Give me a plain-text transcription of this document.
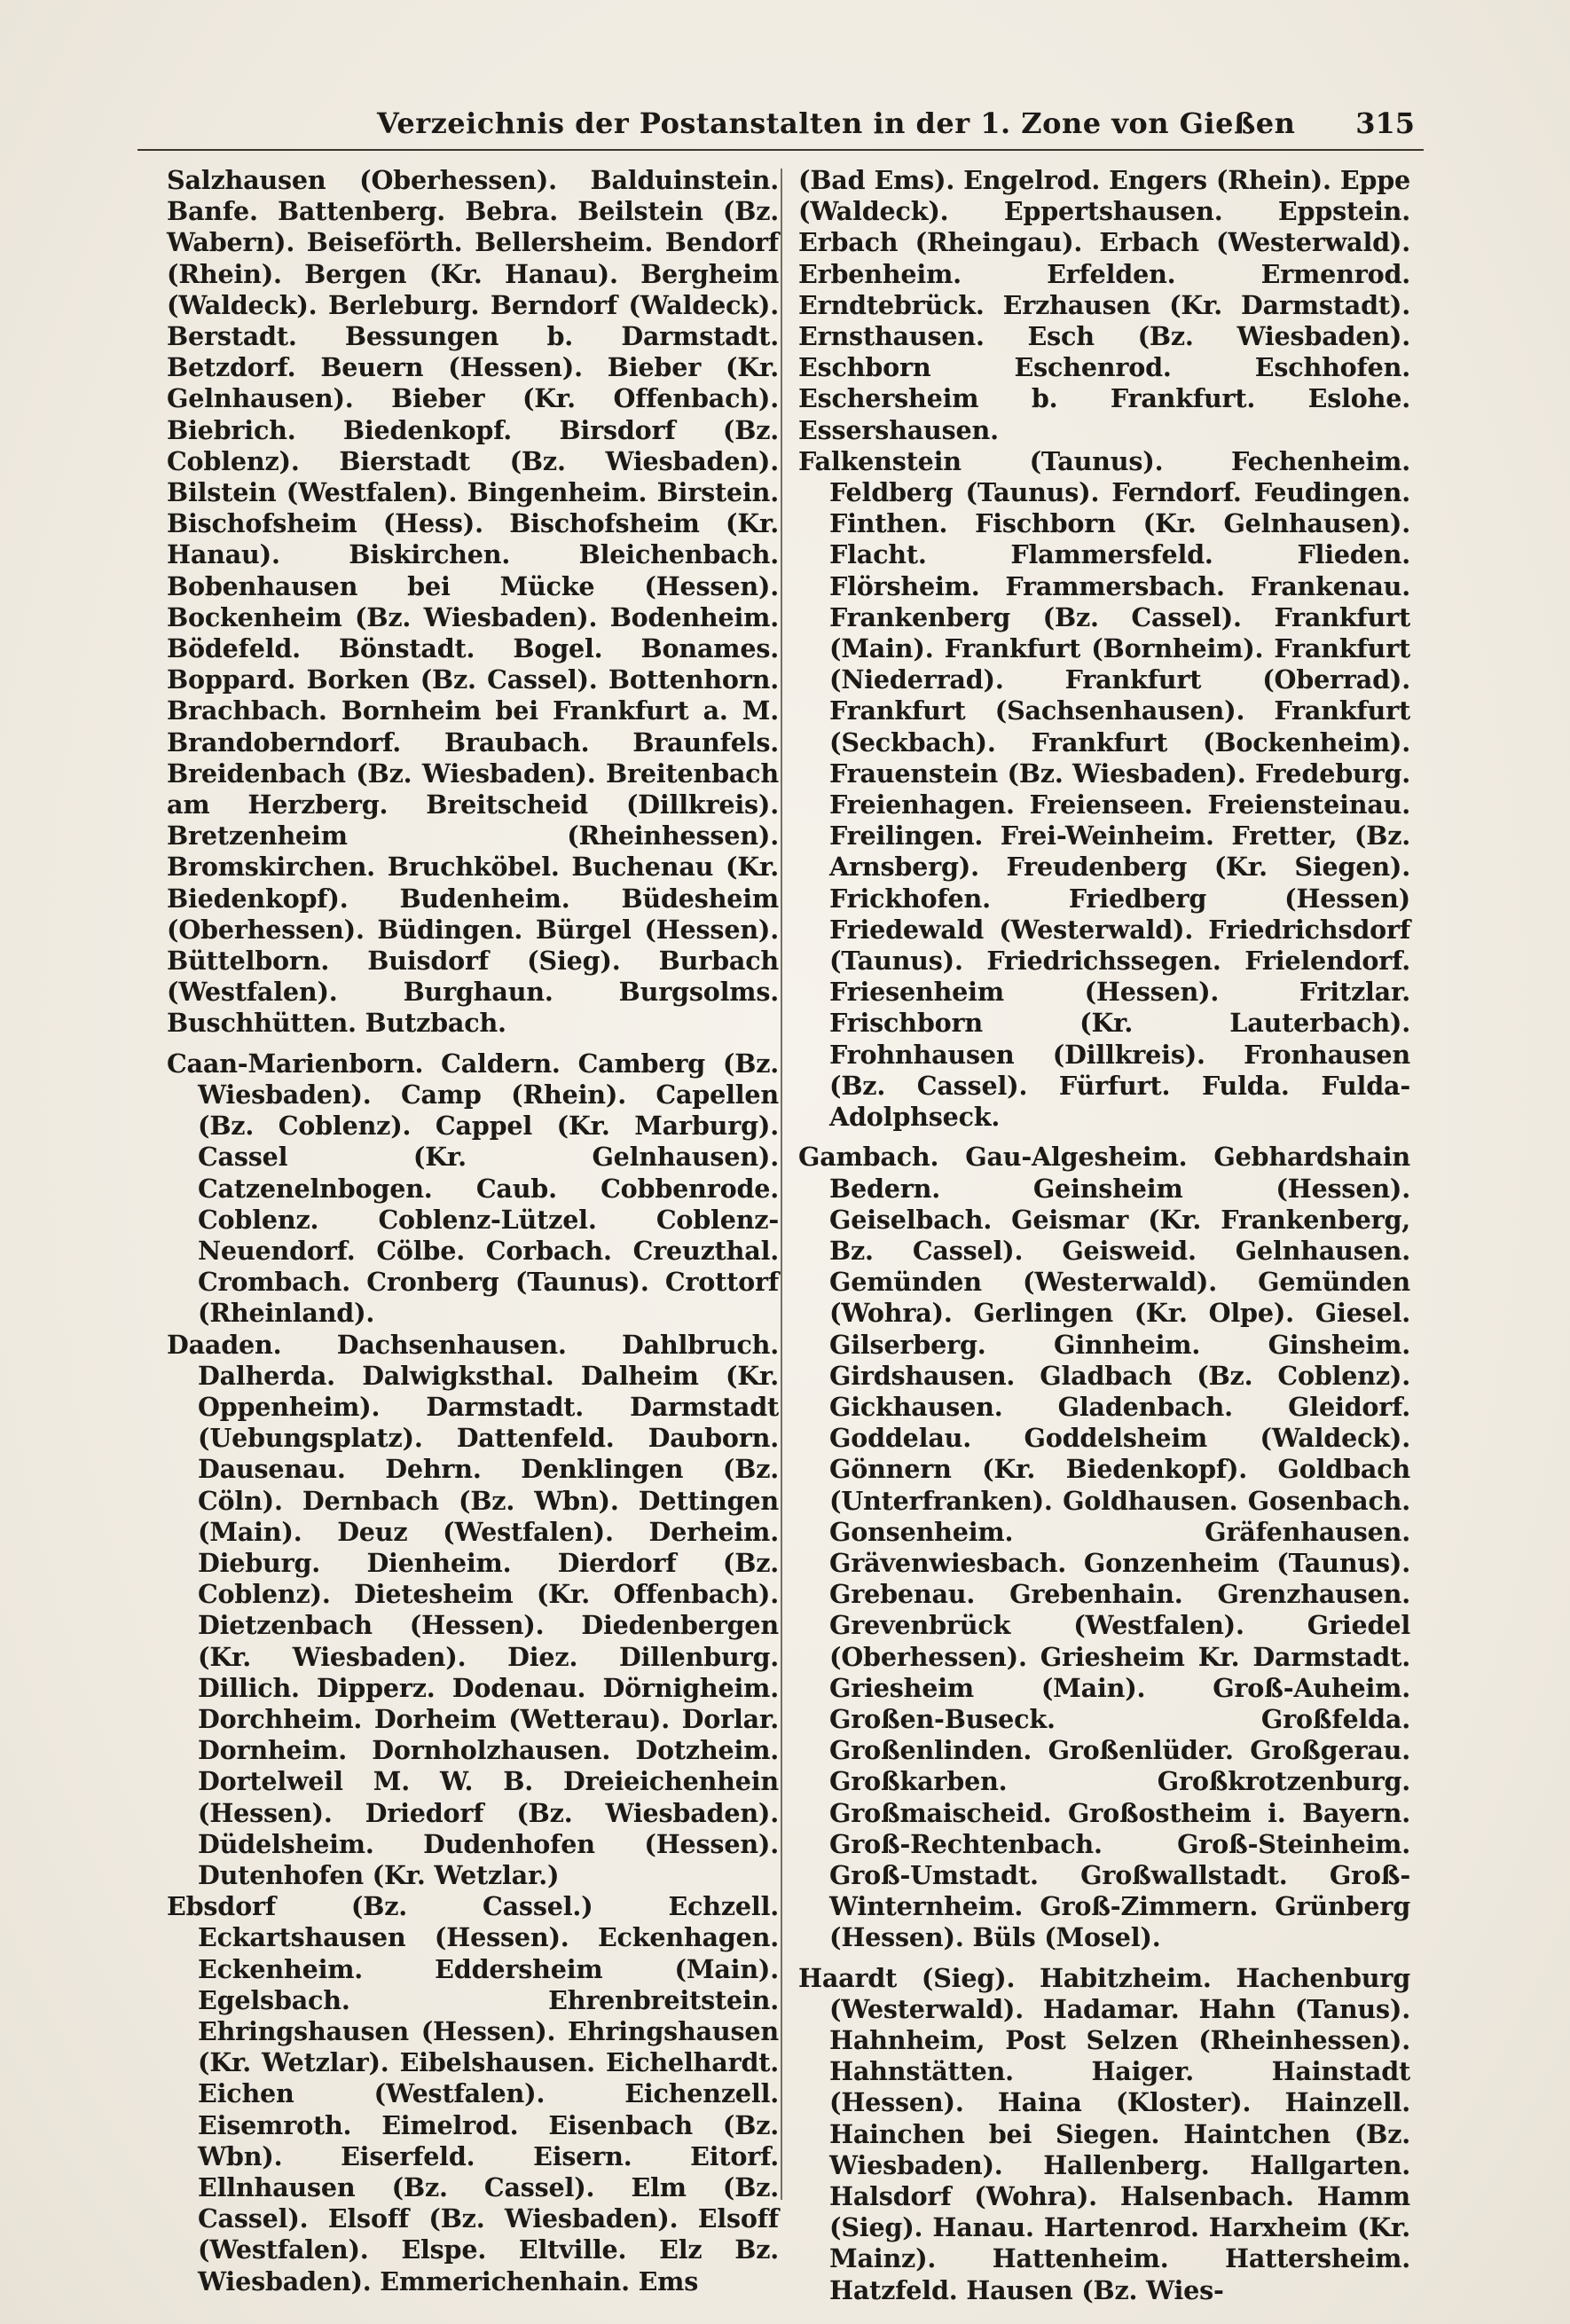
Verzeichnis der Postanstalten in der 1. Zone von Gießen 315

Salzhausen (Oberhessen). Balduinstein. Banfe. Battenberg. Bebra. Beilstein (Bz. Wabern). Beiseförth. Bellersheim. Bendorf (Rhein). Bergen (Kr. Hanau). Bergheim (Waldeck). Berleburg. Berndorf (Waldeck). Berstadt. Bessungen b. Darmstadt. Betzdorf. Beuern (Hessen). Bieber (Kr. Gelnhausen). Bieber (Kr. Offenbach). Biebrich. Biedenkopf. Birsdorf (Bz. Coblenz). Bierstadt (Bz. Wiesbaden). Bilstein (Westfalen). Bingenheim. Birstein. Bischofsheim (Hess). Bischofsheim (Kr. Hanau). Biskirchen. Bleichenbach. Bobenhausen bei Mücke (Hessen). Bockenheim (Bz. Wiesbaden). Bodenheim. Bödefeld. Bönstadt. Bogel. Bonames. Boppard. Borken (Bz. Cassel). Bottenhorn. Brachbach. Bornheim bei Frankfurt a. M. Brandoberndorf. Braubach. Braunfels. Breidenbach (Bz. Wiesbaden). Breitenbach am Herzberg. Breitscheid (Dillkreis). Bretzenheim (Rheinhessen). Bromskirchen. Bruchköbel. Buchenau (Kr. Biedenkopf). Budenheim. Büdesheim (Oberhessen). Büdingen. Bürgel (Hessen). Büttelborn. Buisdorf (Sieg). Burbach (Westfalen). Burghaun. Burgsolms. Buschhütten. Butzbach.

Caan-Marienborn. Caldern. Camberg (Bz. Wiesbaden). Camp (Rhein). Capellen (Bz. Coblenz). Cappel (Kr. Marburg). Cassel (Kr. Gelnhausen). Catzenelnbogen. Caub. Cobbenrode. Coblenz. Coblenz-Lützel. Coblenz-Neuendorf. Cölbe. Corbach. Creuzthal. Crombach. Cronberg (Taunus). Crottorf (Rheinland).

Daaden. Dachsenhausen. Dahlbruch. Dalherda. Dalwigksthal. Dalheim (Kr. Oppenheim). Darmstadt. Darmstadt (Uebungsplatz). Dattenfeld. Dauborn. Dausenau. Dehrn. Denklingen (Bz. Cöln). Dernbach (Bz. Wbn). Dettingen (Main). Deuz (Westfalen). Derheim. Dieburg. Dienheim. Dierdorf (Bz. Coblenz). Dietesheim (Kr. Offenbach). Dietzenbach (Hessen). Diedenbergen (Kr. Wiesbaden). Diez. Dillenburg. Dillich. Dipperz. Dodenau. Dörnigheim. Dorchheim. Dorheim (Wetterau). Dorlar. Dornheim. Dornholzhausen. Dotzheim. Dortelweil M. W. B. Dreieichenhein (Hessen). Driedorf (Bz. Wiesbaden). Düdelsheim. Dudenhofen (Hessen). Dutenhofen (Kr. Wetzlar.)

Ebsdorf (Bz. Cassel.) Echzell. Eckartshausen (Hessen). Eckenhagen. Eckenheim. Eddersheim (Main). Egelsbach. Ehrenbreitstein. Ehringshausen (Hessen). Ehringshausen (Kr. Wetzlar). Eibelshausen. Eichelhardt. Eichen (Westfalen). Eichenzell. Eisemroth. Eimelrod. Eisenbach (Bz. Wbn). Eiserfeld. Eisern. Eitorf. Ellnhausen (Bz. Cassel). Elm (Bz. Cassel). Elsoff (Bz. Wiesbaden). Elsoff (Westfalen). Elspe. Eltville. Elz Bz. Wiesbaden). Emmerichenhain. Ems

(Bad Ems). Engelrod. Engers (Rhein). Eppe (Waldeck). Eppertshausen. Eppstein. Erbach (Rheingau). Erbach (Westerwald). Erbenheim. Erfelden. Ermenrod. Erndtebrück. Erzhausen (Kr. Darmstadt). Ernsthausen. Esch (Bz. Wiesbaden). Eschborn Eschenrod. Eschhofen. Eschersheim b. Frankfurt. Eslohe. Essershausen.

Falkenstein (Taunus). Fechenheim. Feldberg (Taunus). Ferndorf. Feudingen. Finthen. Fischborn (Kr. Gelnhausen). Flacht. Flammersfeld. Flieden. Flörsheim. Frammersbach. Frankenau. Frankenberg (Bz. Cassel). Frankfurt (Main). Frankfurt (Bornheim). Frankfurt (Niederrad). Frankfurt (Oberrad). Frankfurt (Sachsenhausen). Frankfurt (Seckbach). Frankfurt (Bockenheim). Frauenstein (Bz. Wiesbaden). Fredeburg. Freienhagen. Freienseen. Freiensteinau. Freilingen. Frei-Weinheim. Fretter, (Bz. Arnsberg). Freudenberg (Kr. Siegen). Frickhofen. Friedberg (Hessen) Friedewald (Westerwald). Friedrichsdorf (Taunus). Friedrichssegen. Frielendorf. Friesenheim (Hessen). Fritzlar. Frischborn (Kr. Lauterbach). Frohnhausen (Dillkreis). Fronhausen (Bz. Cassel). Fürfurt. Fulda. Fulda-Adolphseck.

Gambach. Gau-Algesheim. Gebhardshain Bedern. Geinsheim (Hessen). Geiselbach. Geismar (Kr. Frankenberg, Bz. Cassel). Geisweid. Gelnhausen. Gemünden (Westerwald). Gemünden (Wohra). Gerlingen (Kr. Olpe). Giesel. Gilserberg. Ginnheim. Ginsheim. Girdshausen. Gladbach (Bz. Coblenz). Gickhausen. Gladenbach. Gleidorf. Goddelau. Goddelsheim (Waldeck). Gönnern (Kr. Biedenkopf). Goldbach (Unterfranken). Goldhausen. Gosenbach. Gonsenheim. Gräfenhausen. Grävenwiesbach. Gonzenheim (Taunus). Grebenau. Grebenhain. Grenzhausen. Grevenbrück (Westfalen). Griedel (Oberhessen). Griesheim Kr. Darmstadt. Griesheim (Main). Groß-Auheim. Großen-Buseck. Großfelda. Großenlinden. Großenlüder. Großgerau. Großkarben. Großkrotzenburg. Großmaischeid. Großostheim i. Bayern. Groß-Rechtenbach. Groß-Steinheim. Groß-Umstadt. Großwallstadt. Groß-Winternheim. Groß-Zimmern. Grünberg (Hessen). Büls (Mosel).

Haardt (Sieg). Habitzheim. Hachenburg (Westerwald). Hadamar. Hahn (Tanus). Hahnheim, Post Selzen (Rheinhessen). Hahnstätten. Haiger. Hainstadt (Hessen). Haina (Kloster). Hainzell. Hainchen bei Siegen. Haintchen (Bz. Wiesbaden). Hallenberg. Hallgarten. Halsdorf (Wohra). Halsenbach. Hamm (Sieg). Hanau. Hartenrod. Harxheim (Kr. Mainz). Hattenheim. Hattersheim. Hatzfeld. Hausen (Bz. Wies-
